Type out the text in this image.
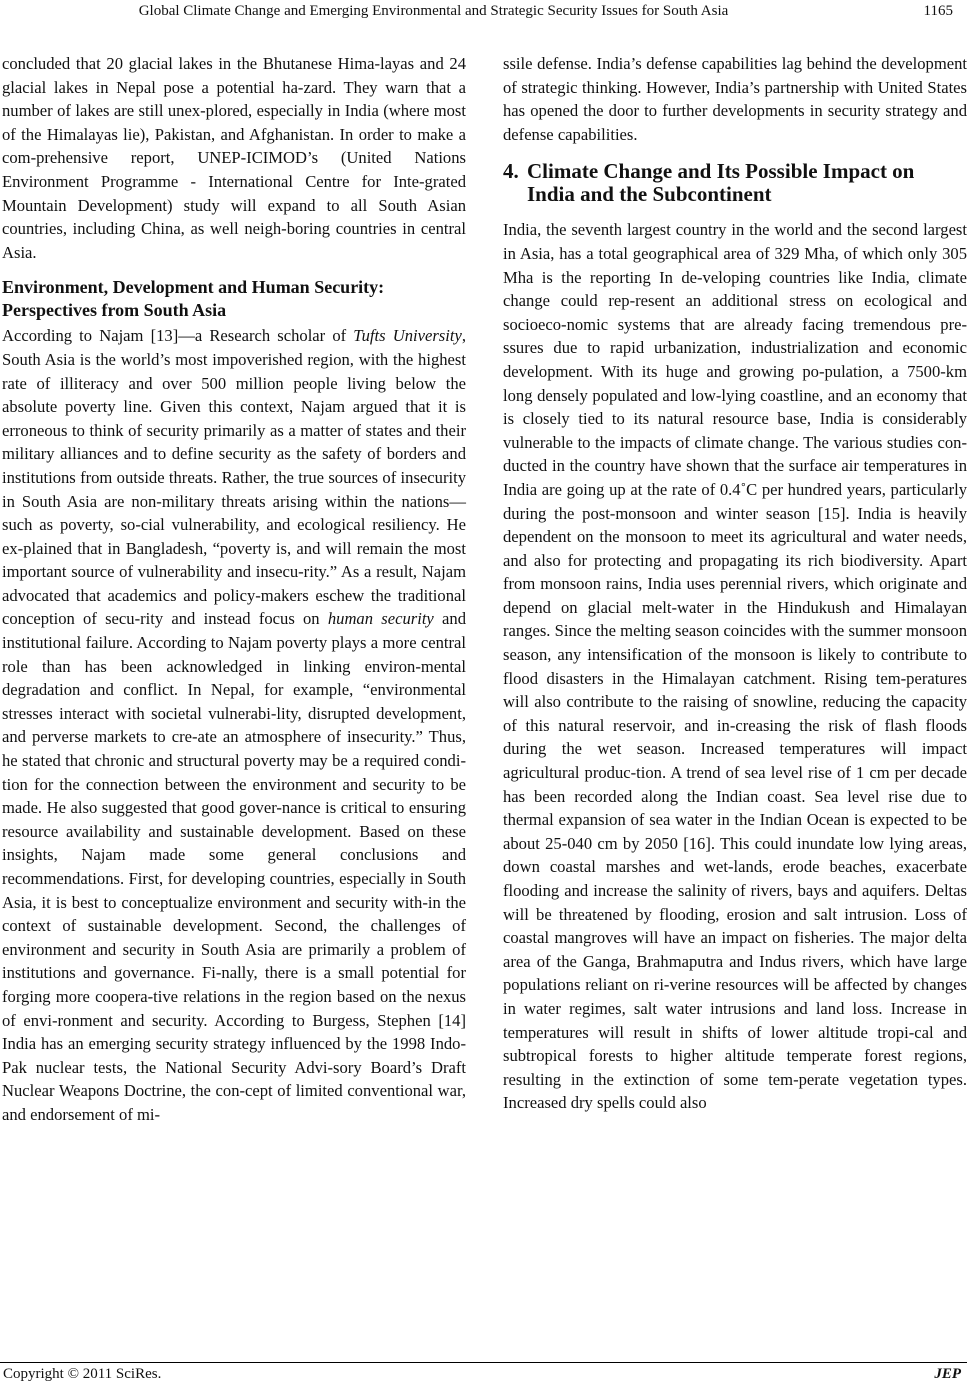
Global Climate Change and Emerging Environmental and Strategic Security Issues for South Asia	1165

concluded that 20 glacial lakes in the Bhutanese Hima-layas and 24 glacial lakes in Nepal pose a potential ha-zard. They warn that a number of lakes are still unex-plored, especially in India (where most of the Himalayas lie), Pakistan, and Afghanistan. In order to make a com-prehensive report, UNEP-ICIMOD’s (United Nations Environment Programme - International Centre for Inte-grated Mountain Development) study will expand to all South Asian countries, including China, as well neigh-boring countries in central Asia.

Environment, Development and Human Security: Perspectives from South Asia

According to Najam [13]—a Research scholar of Tufts University, South Asia is the world’s most impoverished region, with the highest rate of illiteracy and over 500 million people living below the absolute poverty line. Given this context, Najam argued that it is erroneous to think of security primarily as a matter of states and their military alliances and to define security as the safety of borders and institutions from outside threats. Rather, the true sources of insecurity in South Asia are non-military threats arising within the nations—such as poverty, so-cial vulnerability, and ecological resiliency. He ex-plained that in Bangladesh, “poverty is, and will remain the most important source of vulnerability and insecu-rity.” As a result, Najam advocated that academics and policy-makers eschew the traditional conception of secu-rity and instead focus on human security and institutional failure. According to Najam poverty plays a more central role than has been acknowledged in linking environ-mental degradation and conflict. In Nepal, for example, “environmental stresses interact with societal vulnerabi-lity, disrupted development, and perverse markets to cre-ate an atmosphere of insecurity.” Thus, he stated that chronic and structural poverty may be a required condi-tion for the connection between the environment and security to be made. He also suggested that good gover-nance is critical to ensuring resource availability and sustainable development. Based on these insights, Najam made some general conclusions and recommendations. First, for developing countries, especially in South Asia, it is best to conceptualize environment and security with-in the context of sustainable development. Second, the challenges of environment and security in South Asia are primarily a problem of institutions and governance. Fi-nally, there is a small potential for forging more coopera-tive relations in the region based on the nexus of envi-ronment and security. According to Burgess, Stephen [14] India has an emerging security strategy influenced by the 1998 Indo-Pak nuclear tests, the National Security Advi-sory Board’s Draft Nuclear Weapons Doctrine, the con-cept of limited conventional war, and endorsement of mi-

ssile defense. India’s defense capabilities lag behind the development of strategic thinking. However, India’s partnership with United States has opened the door to further developments in security strategy and defense capabilities.

4. Climate Change and Its Possible Impact on India and the Subcontinent

India, the seventh largest country in the world and the second largest in Asia, has a total geographical area of 329 Mha, of which only 305 Mha is the reporting In de-veloping countries like India, climate change could rep-resent an additional stress on ecological and socioeco-nomic systems that are already facing tremendous pre-ssures due to rapid urbanization, industrialization and economic development. With its huge and growing po-pulation, a 7500-km long densely populated and low-lying coastline, and an economy that is closely tied to its natural resource base, India is considerably vulnerable to the impacts of climate change. The various studies con-ducted in the country have shown that the surface air temperatures in India are going up at the rate of 0.4˚C per hundred years, particularly during the post-monsoon and winter season [15]. India is heavily dependent on the monsoon to meet its agricultural and water needs, and also for protecting and propagating its rich biodiversity. Apart from monsoon rains, India uses perennial rivers, which originate and depend on glacial melt-water in the Hindukush and Himalayan ranges. Since the melting season coincides with the summer monsoon season, any intensification of the monsoon is likely to contribute to flood disasters in the Himalayan catchment. Rising tem-peratures will also contribute to the raising of snowline, reducing the capacity of this natural reservoir, and in-creasing the risk of flash floods during the wet season. Increased temperatures will impact agricultural produc-tion. A trend of sea level rise of 1 cm per decade has been recorded along the Indian coast. Sea level rise due to thermal expansion of sea water in the Indian Ocean is expected to be about 25-040 cm by 2050 [16]. This could inundate low lying areas, down coastal marshes and wet-lands, erode beaches, exacerbate flooding and increase the salinity of rivers, bays and aquifers. Deltas will be threatened by flooding, erosion and salt intrusion. Loss of coastal mangroves will have an impact on fisheries. The major delta area of the Ganga, Brahmaputra and Indus rivers, which have large populations reliant on ri-verine resources will be affected by changes in water regimes, salt water intrusions and land loss. Increase in temperatures will result in shifts of lower altitude tropi-cal and subtropical forests to higher altitude temperate forest regions, resulting in the extinction of some tem-perate vegetation types. Increased dry spells could also

Copyright © 2011 SciRes.	JEP
